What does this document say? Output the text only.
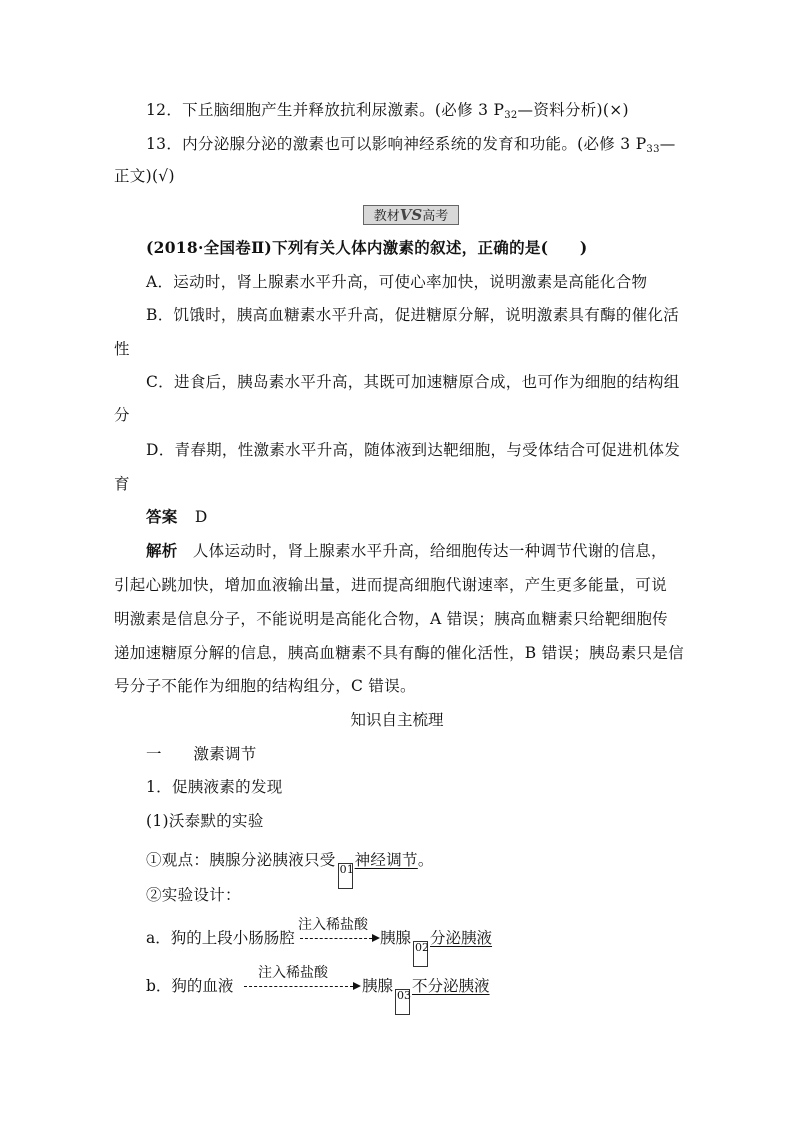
12．下丘脑细胞产生并释放抗利尿激素。(必修 3 $P_{32}—$资料分析)(×)
13．内分泌腺分泌的激素也可以影响神经系统的发育和功能。(必修 3 $P_{33}—$
正文)(√)
教材VS高考
(2018·全国卷Ⅱ)下列有关人体内激素的叙述，正确的是(　　)
A．运动时，肾上腺素水平升高，可使心率加快，说明激素是高能化合物
B．饥饿时，胰高血糖素水平升高，促进糖原分解，说明激素具有酶的催化活
性
C．进食后，胰岛素水平升高，其既可加速糖原合成，也可作为细胞的结构组
分
D．青春期，性激素水平升高，随体液到达靶细胞，与受体结合可促进机体发
育
答案 D
解析 人体运动时，肾上腺素水平升高，给细胞传达一种调节代谢的信息，
引起心跳加快，增加血液输出量，进而提高细胞代谢速率，产生更多能量，可说
明激素是信息分子，不能说明是高能化合物，A 错误；胰高血糖素只给靶细胞传
递加速糖原分解的信息，胰高血糖素不具有酶的催化活性，B 错误；胰岛素只是信
号分子不能作为细胞的结构组分，C 错误。
知识自主梳理
一　　激素调节
1．促胰液素的发现
(1)沃泰默的实验
①观点：胰腺分泌胰液只受01神经调节。
②实验设计：
a．狗的上段小肠肠腔
注入稀盐酸
胰腺02分泌胰液
b．狗的血液
注入稀盐酸
胰腺03不分泌胰液
